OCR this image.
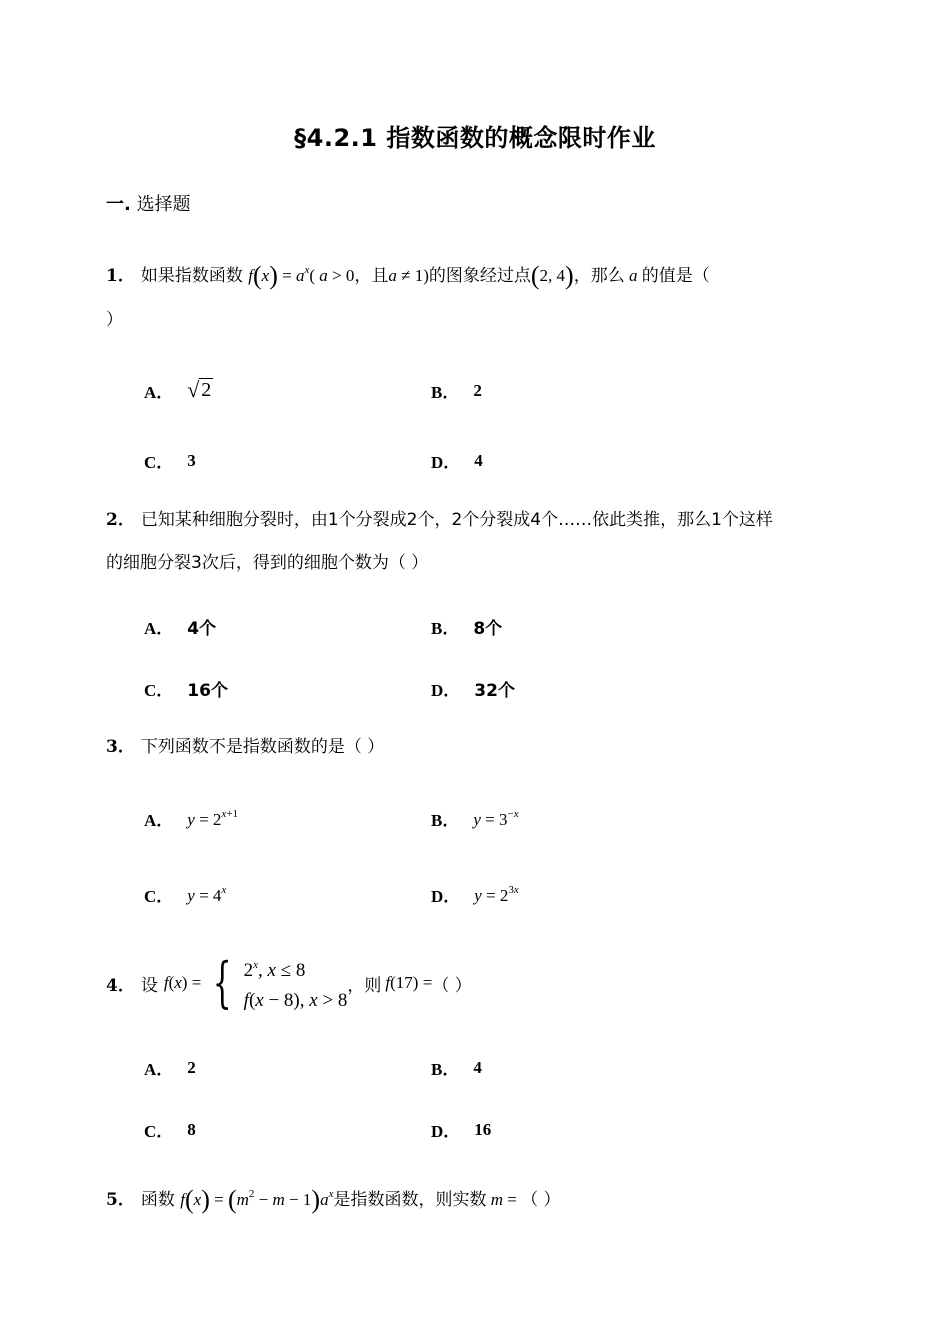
§4.2.1 指数函数的概念限时作业
一. 选择题
1． 如果指数函数 $f(x) = a^x$( a > 0，且a ≠ 1)的图象经过点(2, 4)，那么 a 的值是（
）
A．
√	2	B． 2
C． 3	D． 4
2． 已知某种细胞分裂时，由1个分裂成2个，2个分裂成4个……依此类推，那么1个这样
的细胞分裂3次后，得到的细胞个数为（ ）
A． 4个	B． 8个
C． 16个	D． 32个
3． 下列函数不是指数函数的是（ ）
A． $y = 2^{x+1}$	B． $y = 3^{-x}$
C． $y = 4^x$	D． $y = 2^{3x}$
4． 设 f ( x ) = { 2$^x$, x ≤ 8
f(x − 8), x > 8
，则 f(17) = （ ）
A． 2	B． 4
C． 8	D． 16
5． 函数 $f(x) = (m^2 - m - 1)a^x$是指数函数，则实数 m = （ ）
